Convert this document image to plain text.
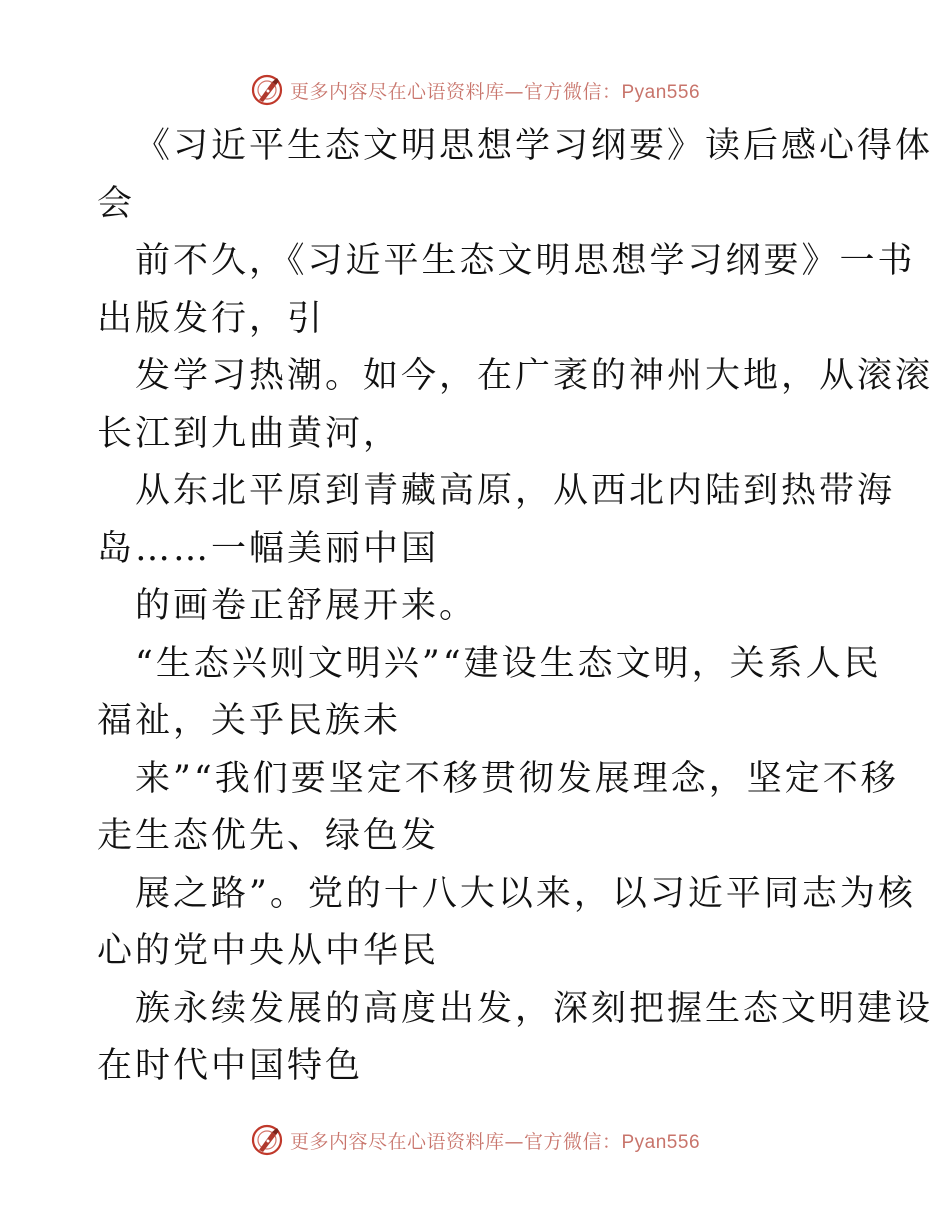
更多内容尽在心语资料库—官方微信：Pyan556
《习近平生态文明思想学习纲要》读后感心得体
会
前不久，《习近平生态文明思想学习纲要》一书
出版发行，引
发学习热潮。如今，在广袤的神州大地，从滚滚
长江到九曲黄河，
从东北平原到青藏高原，从西北内陆到热带海
岛……一幅美丽中国
的画卷正舒展开来。
“生态兴则文明兴”“建设生态文明，关系人民
福祉，关乎民族未
来”“我们要坚定不移贯彻发展理念，坚定不移
走生态优先、绿色发
展之路”。党的十八大以来，以习近平同志为核
心的党中央从中华民
族永续发展的高度出发，深刻把握生态文明建设
在时代中国特色
更多内容尽在心语资料库—官方微信：Pyan556
